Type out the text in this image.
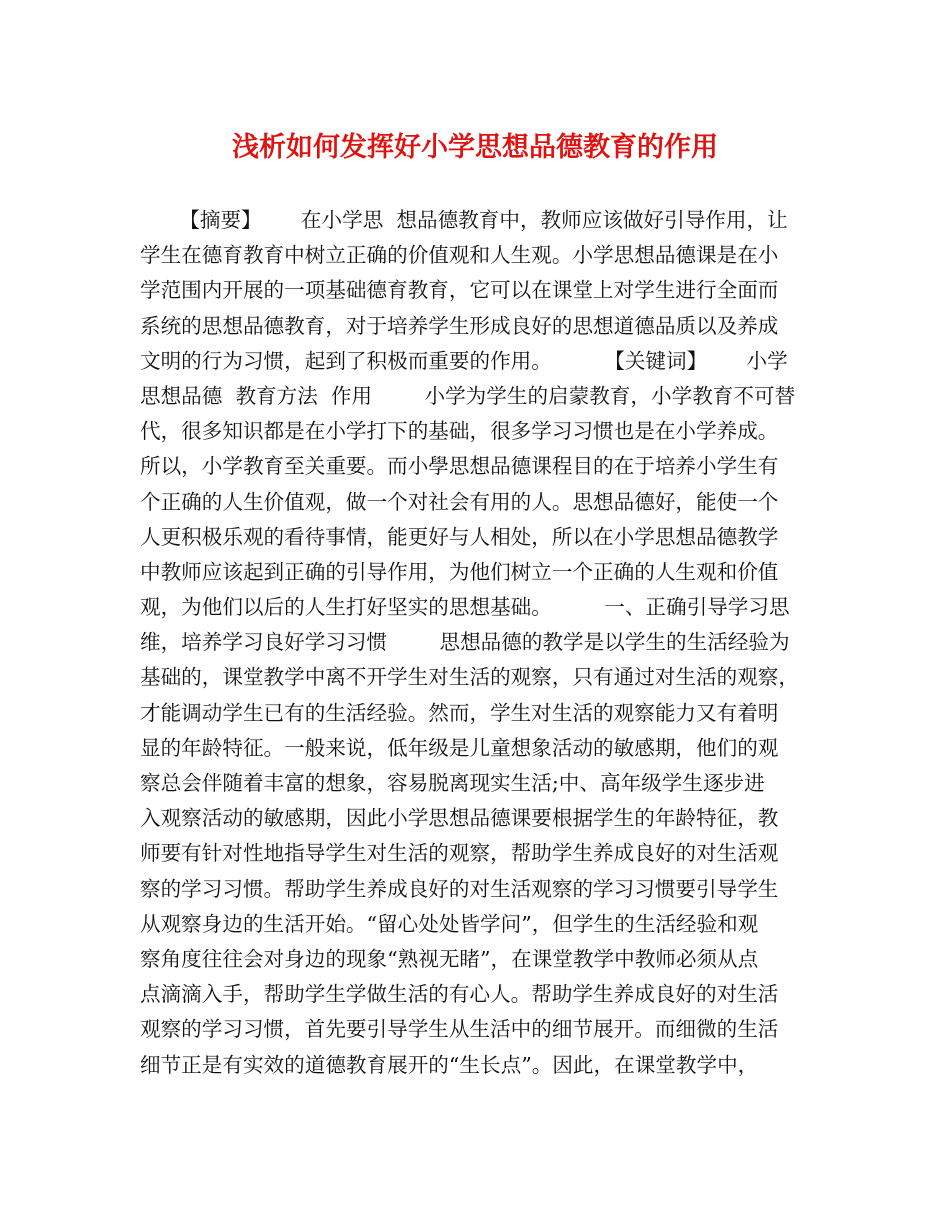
浅析如何发挥好小学思想品德教育的作用
【摘要】      在小学思  想品德教育中，教师应该做好引导作用，让
学生在德育教育中树立正确的价值观和人生观。小学思想品德课是在小
学范围内开展的一项基础德育教育，它可以在课堂上对学生进行全面而
系统的思想品德教育，对于培养学生形成良好的思想道德品质以及养成
文明的行为习惯，起到了积极而重要的作用。        【关键词】      小学
思想品德  教育方法  作用        小学为学生的启蒙教育，小学教育不可替
代，很多知识都是在小学打下的基础，很多学习习惯也是在小学养成。
所以，小学教育至关重要。而小學思想品德课程目的在于培养小学生有
个正确的人生价值观，做一个对社会有用的人。思想品德好，能使一个
人更积极乐观的看待事情，能更好与人相处，所以在小学思想品德教学
中教师应该起到正确的引导作用，为他们树立一个正确的人生观和价值
观，为他们以后的人生打好坚实的思想基础。        一、正确引导学习思
维，培养学习良好学习习惯        思想品德的教学是以学生的生活经验为
基础的，课堂教学中离不开学生对生活的观察，只有通过对生活的观察，
才能调动学生已有的生活经验。然而，学生对生活的观察能力又有着明
显的年龄特征。一般来说，低年级是儿童想象活动的敏感期，他们的观
察总会伴随着丰富的想象，容易脱离现实生活;中、高年级学生逐步进
入观察活动的敏感期，因此小学思想品德课要根据学生的年龄特征，教
师要有针对性地指导学生对生活的观察，帮助学生养成良好的对生活观
察的学习习惯。帮助学生养成良好的对生活观察的学习习惯要引导学生
从观察身边的生活开始。“留心处处皆学问”，但学生的生活经验和观
察角度往往会对身边的现象“熟视无睹”，在课堂教学中教师必须从点
点滴滴入手，帮助学生学做生活的有心人。帮助学生养成良好的对生活
观察的学习习惯，首先要引导学生从生活中的细节展开。而细微的生活
细节正是有实效的道德教育展开的“生长点”。因此，在课堂教学中，
